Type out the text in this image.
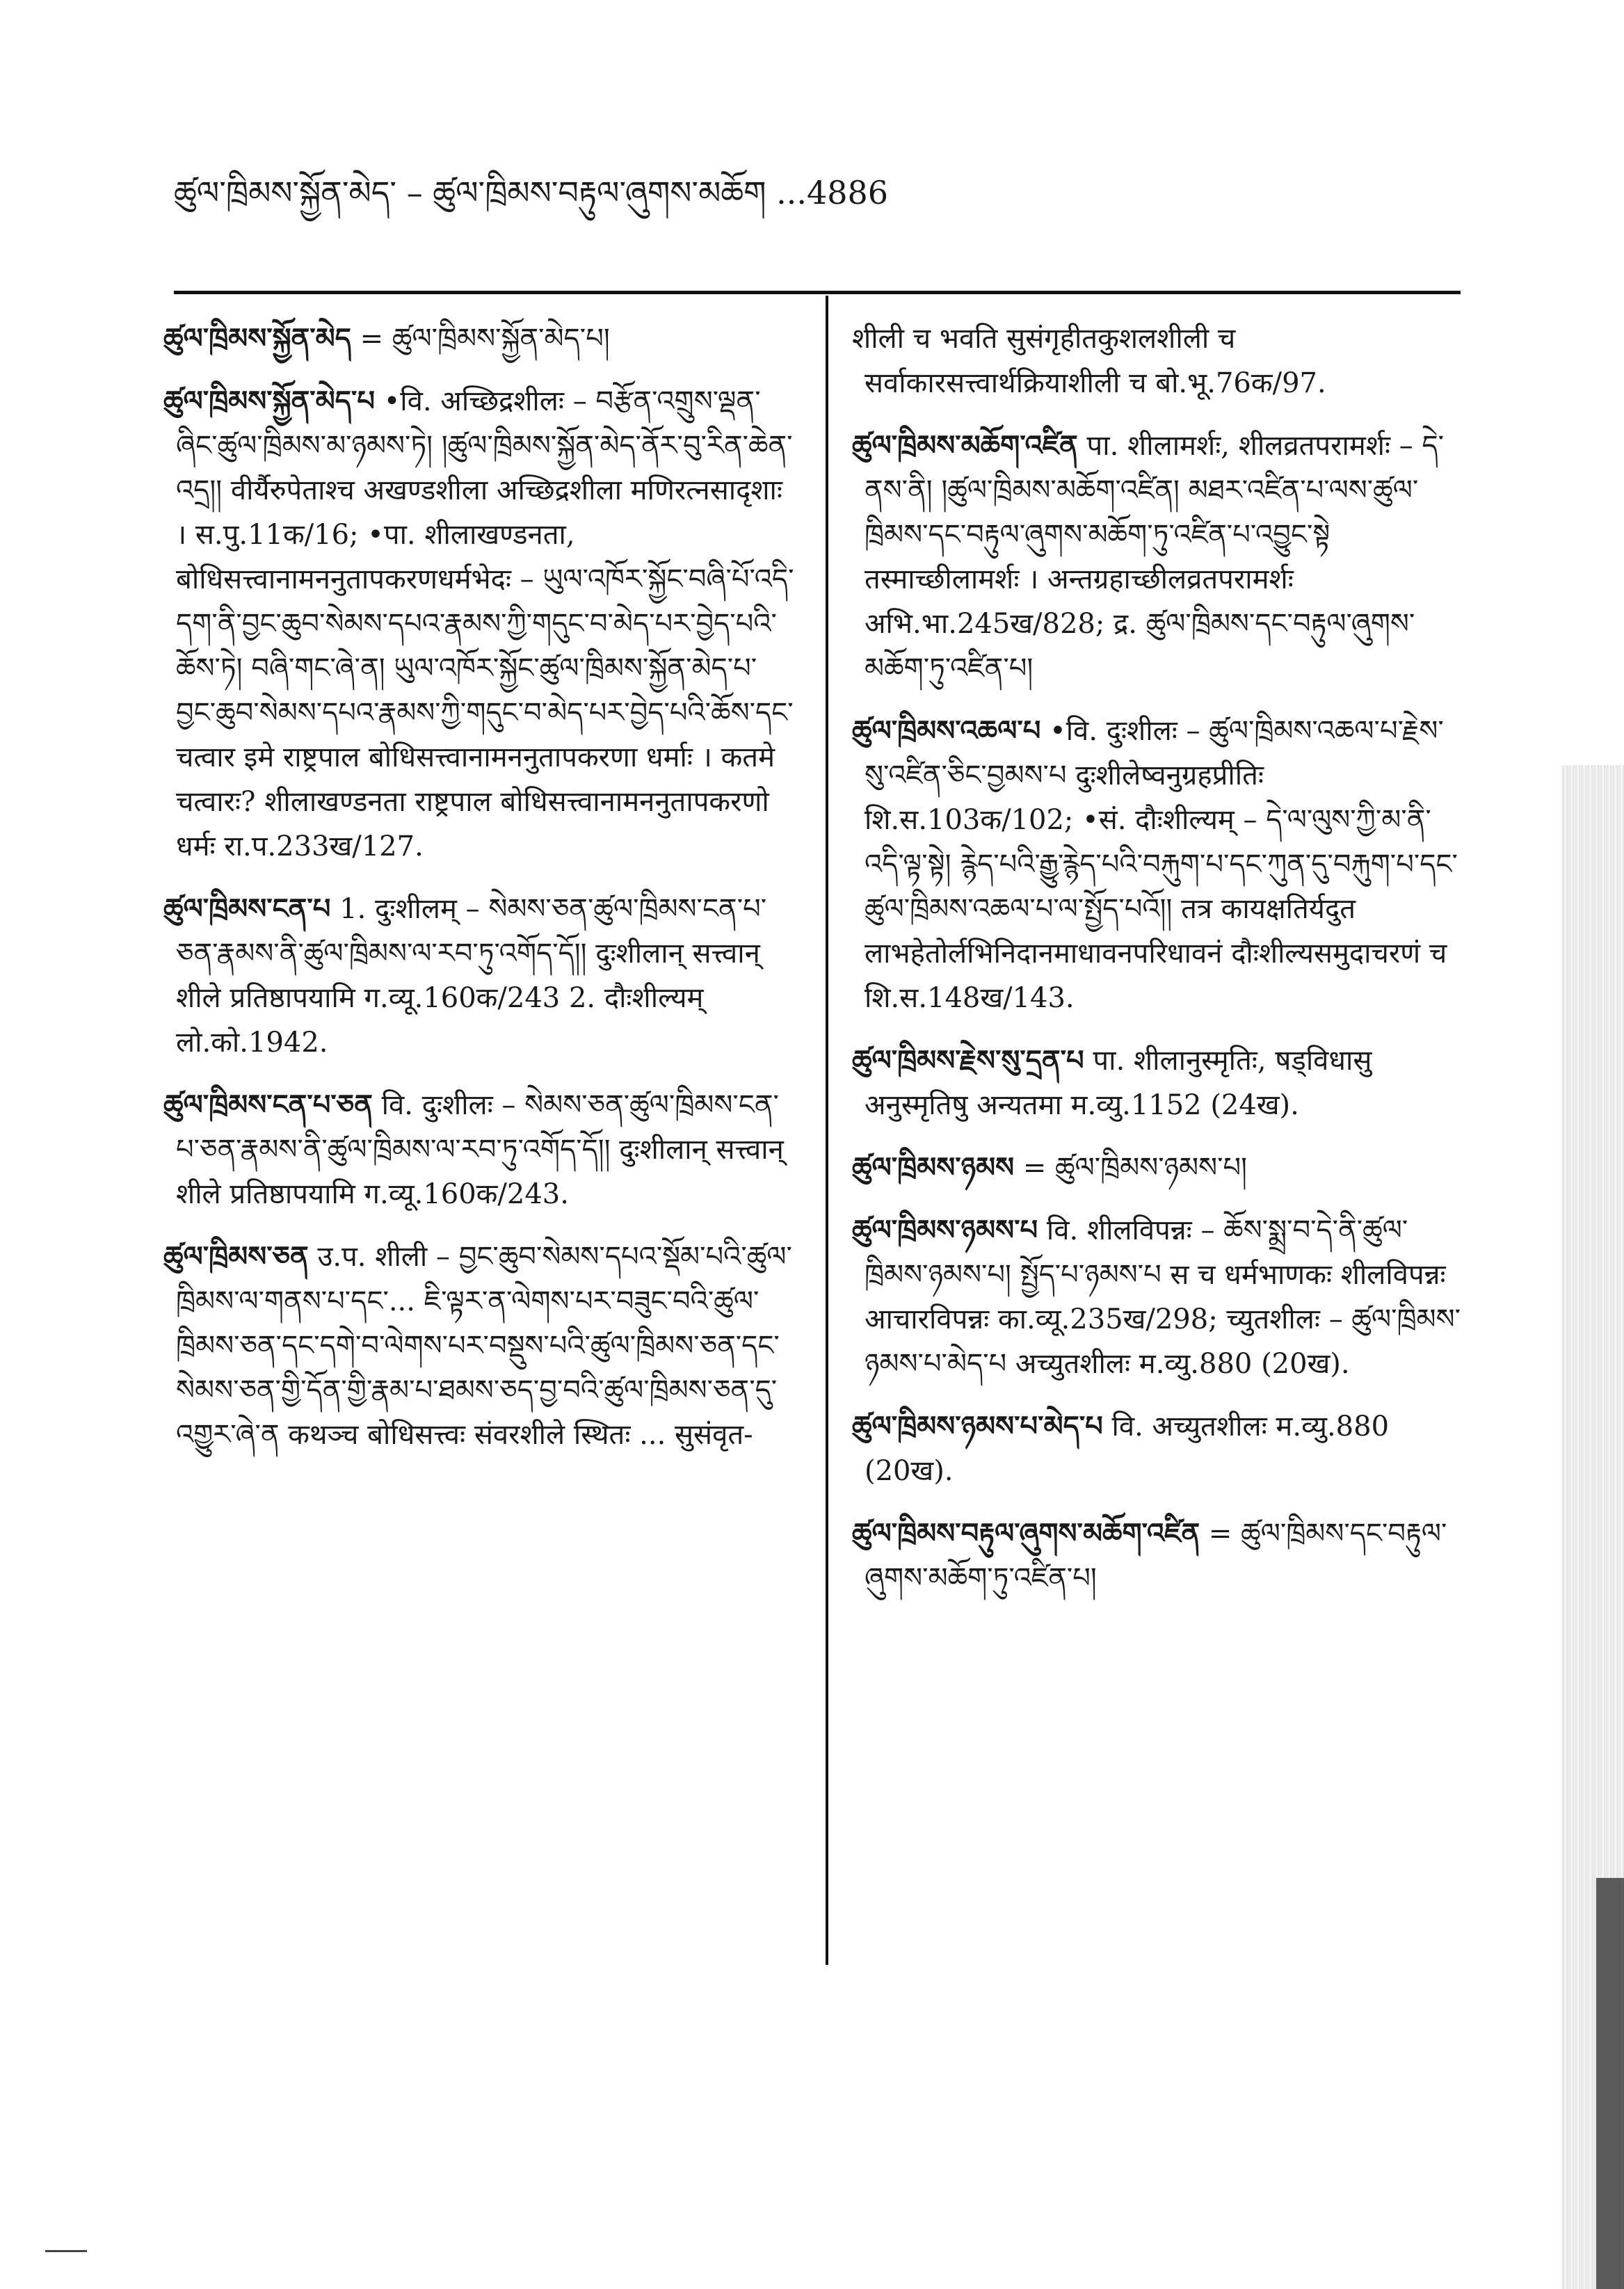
ཚུལ་ཁྲིམས་སྐྱོན་མེད་ – ཚུལ་ཁྲིམས་བརྟུལ་ཞུགས་མཆོག ...4886

ཚུལ་ཁྲིམས་སྐྱོན་མེད = ཚུལ་ཁྲིམས་སྐྱོན་མེད་པ།

ཚུལ་ཁྲིམས་སྐྱོན་མེད་པ •वि. अच्छिद्रशीलः – བརྩོན་འགྲུས་ལྡན་ཞིང་ཚུལ་ཁྲིམས་མ་ཉམས་ཏེ། །ཚུལ་ཁྲིམས་སྐྱོན་མེད་ནོར་བུ་རིན་ཆེན་འདྲ།། वीर्यैरुपेताश्च अखण्डशीला अच्छिद्रशीला मणिरत्नसादृशाः । स.पु.11क/16; •पा. शीलाखण्डनता, बोधिसत्त्वानामननुतापकरणधर्मभेदः – ཡུལ་འཁོར་སྐྱོང་བཞི་པོ་འདི་དག་ནི་བྱང་ཆུབ་སེམས་དཔའ་རྣམས་ཀྱི་གདུང་བ་མེད་པར་བྱེད་པའི་ཆོས་ཏེ། བཞི་གང་ཞེ་ན། ཡུལ་འཁོར་སྐྱོང་ཚུལ་ཁྲིམས་སྐྱོན་མེད་པ་བྱང་ཆུབ་སེམས་དཔའ་རྣམས་ཀྱི་གདུང་བ་མེད་པར་བྱེད་པའི་ཆོས་དང་ चत्वार इमे राष्ट्रपाल बोधिसत्त्वानामननुतापकरणा धर्माः । कतमे चत्वारः? शीलाखण्डनता राष्ट्रपाल बोधिसत्त्वानामननुतापकरणो धर्मः रा.प.233ख/127.

ཚུལ་ཁྲིམས་ངན་པ 1. दुःशीलम् – སེམས་ཅན་ཚུལ་ཁྲིམས་ངན་པ་ཅན་རྣམས་ནི་ཚུལ་ཁྲིམས་ལ་རབ་ཏུ་འགོད་དོ།། दुःशीलान् सत्त्वान् शीले प्रतिष्ठापयामि ग.व्यू.160क/243 2. दौःशील्यम् लो.को.1942.

ཚུལ་ཁྲིམས་ངན་པ་ཅན वि. दुःशीलः – སེམས་ཅན་ཚུལ་ཁྲིམས་ངན་པ་ཅན་རྣམས་ནི་ཚུལ་ཁྲིམས་ལ་རབ་ཏུ་འགོད་དོ།། दुःशीलान् सत्त्वान् शीले प्रतिष्ठापयामि ग.व्यू.160क/243.

ཚུལ་ཁྲིམས་ཅན उ.प. शीली – བྱང་ཆུབ་སེམས་དཔའ་སྡོམ་པའི་ཚུལ་ཁྲིམས་ལ་གནས་པ་དང་... ཇི་ལྟར་ན་ལེགས་པར་བཟུང་བའི་ཚུལ་ཁྲིམས་ཅན་དང་དགེ་བ་ལེགས་པར་བསྡུས་པའི་ཚུལ་ཁྲིམས་ཅན་དང་སེམས་ཅན་གྱི་དོན་གྱི་རྣམ་པ་ཐམས་ཅད་བྱ་བའི་ཚུལ་ཁྲིམས་ཅན་དུ་འགྱུར་ཞེ་ན कथञ्च बोधिसत्त्वः संवरशीले स्थितः ... सुसंवृत-

शीली च भवति सुसंगृहीतकुशलशीली च सर्वाकारसत्त्वार्थक्रियाशीली च बो.भू.76क/97.

ཚུལ་ཁྲིམས་མཆོག་འཛིན पा. शीलामर्शः, शीलव्रतपरामर्शः – དེ་ནས་ནི། །ཚུལ་ཁྲིམས་མཆོག་འཛིན། མཐར་འཛིན་པ་ལས་ཚུལ་ཁྲིམས་དང་བརྟུལ་ཞུགས་མཆོག་ཏུ་འཛིན་པ་འབྱུང་སྟེ तस्माच्छीलामर्शः । अन्तग्रहाच्छीलव्रतपरामर्शः अभि.भा.245ख/828; द्र. ཚུལ་ཁྲིམས་དང་བརྟུལ་ཞུགས་མཆོག་ཏུ་འཛིན་པ།

ཚུལ་ཁྲིམས་འཆལ་པ •वि. दुःशीलः – ཚུལ་ཁྲིམས་འཆལ་པ་རྗེས་སུ་འཛིན་ཅིང་བྱམས་པ दुःशीलेष्वनुग्रहप्रीतिः शि.स.103क/102; •सं. दौःशील्यम् – དེ་ལ་ལུས་ཀྱི་མ་ནི་འདི་ལྟ་སྟེ། རྙེད་པའི་རྒྱུ་རྙེད་པའི་བརྐུག་པ་དང་ཀུན་དུ་བརྐུག་པ་དང་ཚུལ་ཁྲིམས་འཆལ་པ་ལ་སྤྱོད་པའོ།། तत्र कायक्षतिर्यदुत लाभहेतोर्लभिनिदानमाधावनपरिधावनं दौःशील्यसमुदाचरणं च शि.स.148ख/143.

ཚུལ་ཁྲིམས་རྗེས་སུ་དྲན་པ पा. शीलानुस्मृतिः, षड्विधासु अनुस्मृतिषु अन्यतमा म.व्यु.1152 (24ख).

ཚུལ་ཁྲིམས་ཉམས = ཚུལ་ཁྲིམས་ཉམས་པ།

ཚུལ་ཁྲིམས་ཉམས་པ वि. शीलविपन्नः – ཆོས་སྨྲ་བ་དེ་ནི་ཚུལ་ཁྲིམས་ཉམས་པ། སྤྱོད་པ་ཉམས་པ स च धर्मभाणकः शीलविपन्नः आचारविपन्नः का.व्यू.235ख/298; च्युतशीलः – ཚུལ་ཁྲིམས་ཉམས་པ་མེད་པ अच्युतशीलः म.व्यु.880 (20ख).

ཚུལ་ཁྲིམས་ཉམས་པ་མེད་པ वि. अच्युतशीलः म.व्यु.880 (20ख).

ཚུལ་ཁྲིམས་བརྟུལ་ཞུགས་མཆོག་འཛིན = ཚུལ་ཁྲིམས་དང་བརྟུལ་ཞུགས་མཆོག་ཏུ་འཛིན་པ།
